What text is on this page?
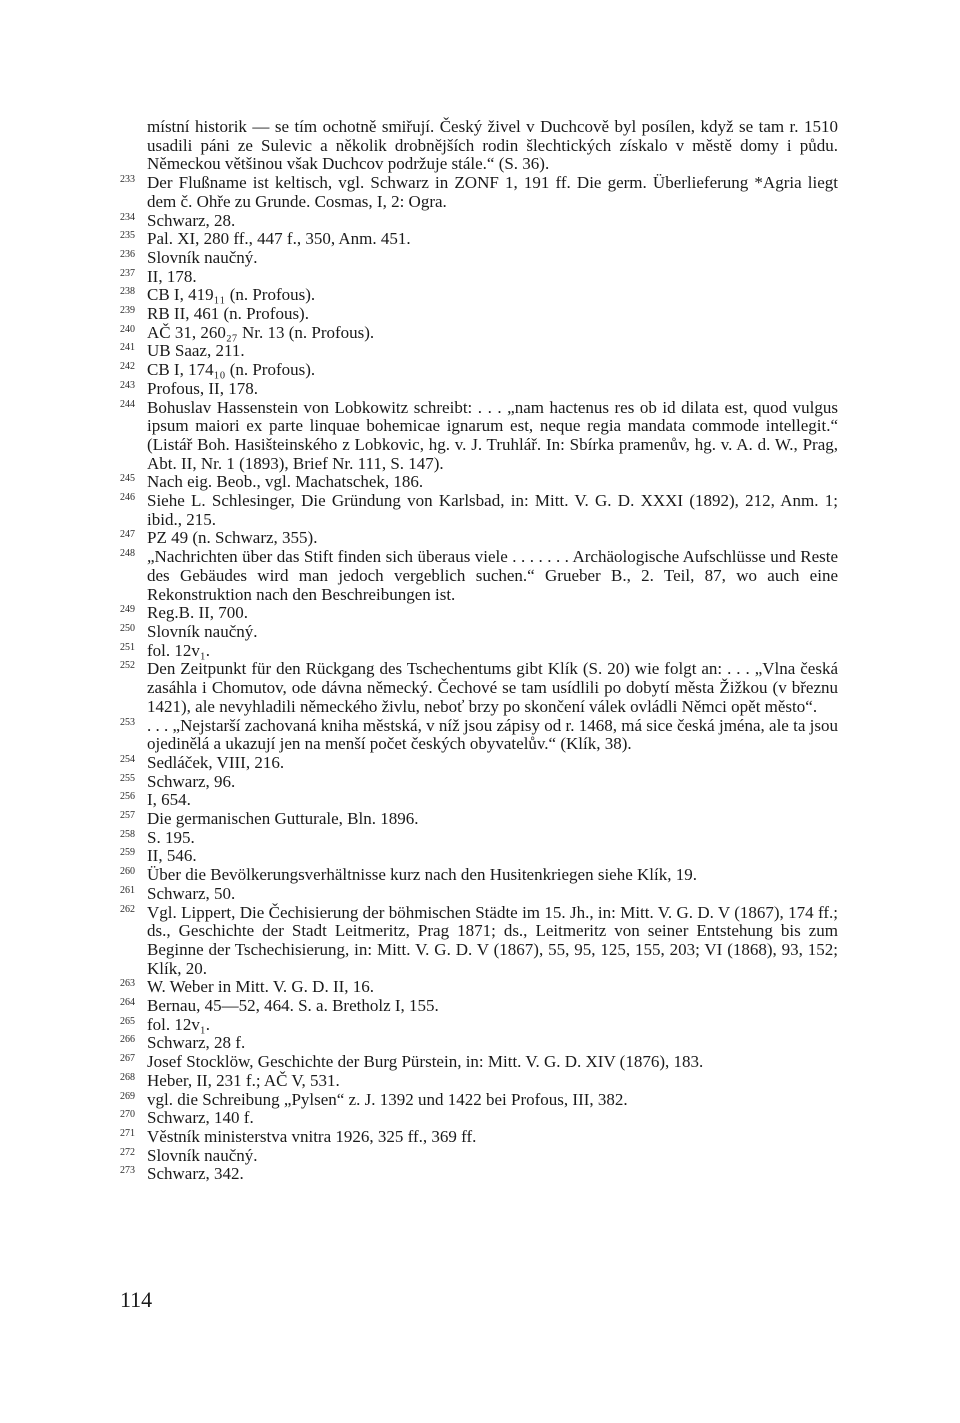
místní historik — se tím ochotně smiřují. Český živel v Duchcově byl posílen, když se tam r. 1510 usadili páni ze Sulevic a několik drobnějších rodin šlechtických získalo v městě domy i půdu. Německou většinou však Duchcov podržuje stále.“ (S. 36).

233 Der Flußname ist keltisch, vgl. Schwarz in ZONF 1, 191 ff. Die germ. Überlieferung *Agria liegt dem č. Ohře zu Grunde. Cosmas, I, 2: Ogra.
234 Schwarz, 28.
235 Pal. XI, 280 ff., 447 f., 350, Anm. 451.
236 Slovník naučný.
237 II, 178.
238 CB I, 419₁₁ (n. Profous).
239 RB II, 461 (n. Profous).
240 AČ 31, 260₂₇ Nr. 13 (n. Profous).
241 UB Saaz, 211.
242 CB I, 174₁₀ (n. Profous).
243 Profous, II, 178.
244 Bohuslav Hassenstein von Lobkowitz schreibt: . . . „nam hactenus res ob id dilata est, quod vulgus ipsum maiori ex parte linquae bohemicae ignarum est, neque regia mandata commode intellegit.“ (Listář Boh. Hasišteinského z Lobkovic, hg. v. J. Truhlář. In: Sbírka pramenův, hg. v. A. d. W., Prag, Abt. II, Nr. 1 (1893), Brief Nr. 111, S. 147).
245 Nach eig. Beob., vgl. Machatschek, 186.
246 Siehe L. Schlesinger, Die Gründung von Karlsbad, in: Mitt. V. G. D. XXXI (1892), 212, Anm. 1; ibid., 215.
247 PZ 49 (n. Schwarz, 355).
248 „Nachrichten über das Stift finden sich überaus viele . . . . . . . Archäologische Aufschlüsse und Reste des Gebäudes wird man jedoch vergeblich suchen.“ Grueber B., 2. Teil, 87, wo auch eine Rekonstruktion nach den Beschreibungen ist.
249 Reg.B. II, 700.
250 Slovník naučný.
251 fol. 12v₁.
252 Den Zeitpunkt für den Rückgang des Tschechentums gibt Klík (S. 20) wie folgt an: . . . „Vlna česká zasáhla i Chomutov, ode dávna německý. Čechové se tam usídlili po dobytí města Žižkou (v březnu 1421), ale nevyhladili německého živlu, neboť brzy po skončení válek ovládli Němci opět město“.
253 . . . „Nejstarší zachovaná kniha městská, v níž jsou zápisy od r. 1468, má sice česká jména, ale ta jsou ojedinělá a ukazují jen na menší počet českých obyvatelův.“ (Klík, 38).
254 Sedláček, VIII, 216.
255 Schwarz, 96.
256 I, 654.
257 Die germanischen Gutturale, Bln. 1896.
258 S. 195.
259 II, 546.
260 Über die Bevölkerungsverhältnisse kurz nach den Husitenkriegen siehe Klík, 19.
261 Schwarz, 50.
262 Vgl. Lippert, Die Čechisierung der böhmischen Städte im 15. Jh., in: Mitt. V. G. D. V (1867), 174 ff.; ds., Geschichte der Stadt Leitmeritz, Prag 1871; ds., Leitmeritz von seiner Entstehung bis zum Beginne der Tschechisierung, in: Mitt. V. G. D. V (1867), 55, 95, 125, 155, 203; VI (1868), 93, 152; Klík, 20.
263 W. Weber in Mitt. V. G. D. II, 16.
264 Bernau, 45—52, 464. S. a. Bretholz I, 155.
265 fol. 12v₁.
266 Schwarz, 28 f.
267 Josef Stocklöw, Geschichte der Burg Pürstein, in: Mitt. V. G. D. XIV (1876), 183.
268 Heber, II, 231 f.; AČ V, 531.
269 vgl. die Schreibung „Pylsen“ z. J. 1392 und 1422 bei Profous, III, 382.
270 Schwarz, 140 f.
271 Věstník ministerstva vnitra 1926, 325 ff., 369 ff.
272 Slovník naučný.
273 Schwarz, 342.
114
